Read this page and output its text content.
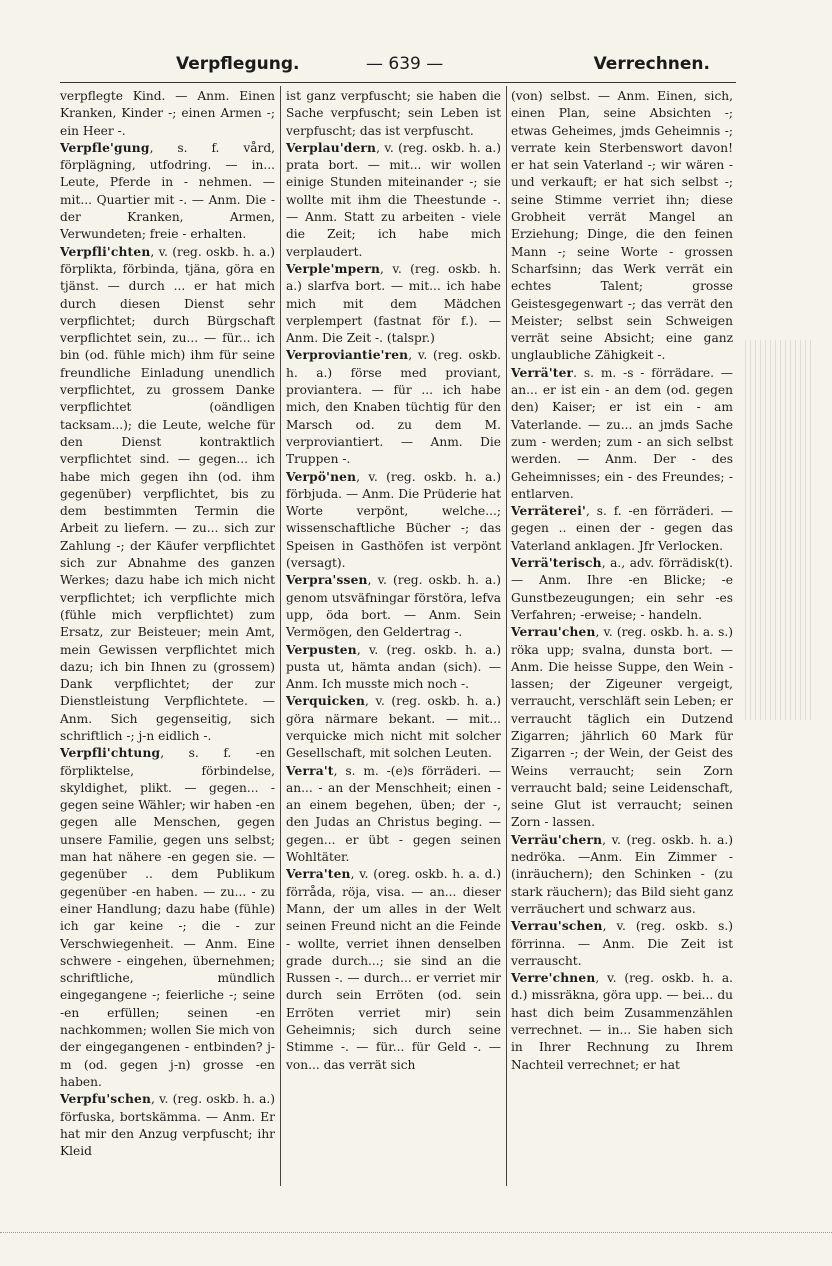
Verpflegung.	— 639 —	Verrechnen.

verpflegte Kind. — Anm. Einen Kranken, Kinder -; einen Armen -; ein Heer -.

Verpfle'gung, s. f. vård, förplägning, utfodring. — in... Leute, Pferde in - nehmen. — mit... Quartier mit -. — Anm. Die - der Kranken, Armen, Verwundeten; freie - erhalten.

Verpfli'chten, v. (reg. oskb. h. a.) förplikta, förbinda, tjäna, göra en tjänst. — durch ... er hat mich durch diesen Dienst sehr verpflichtet; durch Bürgschaft verpflichtet sein, zu... — für... ich bin (od. fühle mich) ihm für seine freundliche Einladung unendlich verpflichtet, zu grossem Danke verpflichtet (oändligen tacksam...); die Leute, welche für den Dienst kontraktlich verpflichtet sind. — gegen... ich habe mich gegen ihn (od. ihm gegenüber) verpflichtet, bis zu dem bestimmten Termin die Arbeit zu liefern. — zu... sich zur Zahlung -; der Käufer verpflichtet sich zur Abnahme des ganzen Werkes; dazu habe ich mich nicht verpflichtet; ich verpflichte mich (fühle mich verpflichtet) zum Ersatz, zur Beisteuer; mein Amt, mein Gewissen verpflichtet mich dazu; ich bin Ihnen zu (grossem) Dank verpflichtet; der zur Dienstleistung Verpflichtete. — Anm. Sich gegenseitig, sich schriftlich -; j-n eidlich -.

Verpfli'chtung, s. f. -en förpliktelse, förbindelse, skyldighet, plikt. — gegen... - gegen seine Wähler; wir haben -en gegen alle Menschen, gegen unsere Familie, gegen uns selbst; man hat nähere -en gegen sie. — gegenüber .. dem Publikum gegenüber -en haben. — zu... - zu einer Handlung; dazu habe (fühle) ich gar keine -; die - zur Verschwiegenheit. — Anm. Eine schwere - eingehen, übernehmen; schriftliche, mündlich eingegangene -; feierliche -; seine -en erfüllen; seinen -en nachkommen; wollen Sie mich von der eingegangenen - entbinden? j-m (od. gegen j-n) grosse -en haben.

Verpfu'schen, v. (reg. oskb. h. a.) förfuska, bortskämma. — Anm. Er hat mir den Anzug verpfuscht; ihr Kleid

ist ganz verpfuscht; sie haben die Sache verpfuscht; sein Leben ist verpfuscht; das ist verpfuscht.

Verplau'dern, v. (reg. oskb. h. a.) prata bort. — mit... wir wollen einige Stunden miteinander -; sie wollte mit ihm die Theestunde -. — Anm. Statt zu arbeiten - viele die Zeit; ich habe mich verplaudert.

Verple'mpern, v. (reg. oskb. h. a.) slarfva bort. — mit... ich habe mich mit dem Mädchen verplempert (fastnat för f.). — Anm. Die Zeit -. (talspr.)

Verproviantie'ren, v. (reg. oskb. h. a.) förse med proviant, proviantera. — für ... ich habe mich, den Knaben tüchtig für den Marsch od. zu dem M. verproviantiert. — Anm. Die Truppen -.

Verpö'nen, v. (reg. oskb. h. a.) förbjuda. — Anm. Die Prüderie hat Worte verpönt, welche...; wissenschaftliche Bücher -; das Speisen in Gasthöfen ist verpönt (versagt).

Verpra'ssen, v. (reg. oskb. h. a.) genom utsväfningar förstöra, lefva upp, öda bort. — Anm. Sein Vermögen, den Geldertrag -.

Verpusten, v. (reg. oskb. h. a.) pusta ut, hämta andan (sich). — Anm. Ich musste mich noch -.

Verquicken, v. (reg. oskb. h. a.) göra närmare bekant. — mit... verquicke mich nicht mit solcher Gesellschaft, mit solchen Leuten.

Verra't, s. m. -(e)s förräderi. — an... - an der Menschheit; einen - an einem begehen, üben; der -, den Judas an Christus beging. — gegen... er übt - gegen seinen Wohltäter.

Verra'ten, v. (oreg. oskb. h. a. d.) förråda, röja, visa. — an... dieser Mann, der um alles in der Welt seinen Freund nicht an die Feinde - wollte, verriet ihnen denselben grade durch...; sie sind an die Russen -. — durch... er verriet mir durch sein Erröten (od. sein Erröten verriet mir) sein Geheimnis; sich durch seine Stimme -. — für... für Geld -. — von... das verrät sich

(von) selbst. — Anm. Einen, sich, einen Plan, seine Absichten -; etwas Geheimes, jmds Geheimnis -; verrate kein Sterbenswort davon! er hat sein Vaterland -; wir wären - und verkauft; er hat sich selbst -; seine Stimme verriet ihn; diese Grobheit verrät Mangel an Erziehung; Dinge, die den feinen Mann -; seine Worte - grossen Scharfsinn; das Werk verrät ein echtes Talent; grosse Geistesgegenwart -; das verrät den Meister; selbst sein Schweigen verrät seine Absicht; eine ganz unglaubliche Zähigkeit -.

Verrä'ter. s. m. -s - förrädare. — an... er ist ein - an dem (od. gegen den) Kaiser; er ist ein - am Vaterlande. — zu... an jmds Sache zum - werden; zum - an sich selbst werden. — Anm. Der - des Geheimnisses; ein - des Freundes; - entlarven.

Verräterei', s. f. -en förräderi. — gegen .. einen der - gegen das Vaterland anklagen. Jfr Verlocken.

Verrä'terisch, a., adv. förrädisk(t). — Anm. Ihre -en Blicke; -e Gunstbezeugungen; ein sehr -es Verfahren; -erweise; - handeln.

Verrau'chen, v. (reg. oskb. h. a. s.) röka upp; svalna, dunsta bort. — Anm. Die heisse Suppe, den Wein - lassen; der Zigeuner vergeigt, verraucht, verschläft sein Leben; er verraucht täglich ein Dutzend Zigarren; jährlich 60 Mark für Zigarren -; der Wein, der Geist des Weins verraucht; sein Zorn verraucht bald; seine Leidenschaft, seine Glut ist verraucht; seinen Zorn - lassen.

Verräu'chern, v. (reg. oskb. h. a.) nedröka. —Anm. Ein Zimmer - (inräuchern); den Schinken - (zu stark räuchern); das Bild sieht ganz verräuchert und schwarz aus.

Verrau'schen, v. (reg. oskb. s.) förrinna. — Anm. Die Zeit ist verrauscht.

Verre'chnen, v. (reg. oskb. h. a. d.) missräkna, göra upp. — bei... du hast dich beim Zusammenzählen verrechnet. — in... Sie haben sich in Ihrer Rechnung zu Ihrem Nachteil verrechnet; er hat
